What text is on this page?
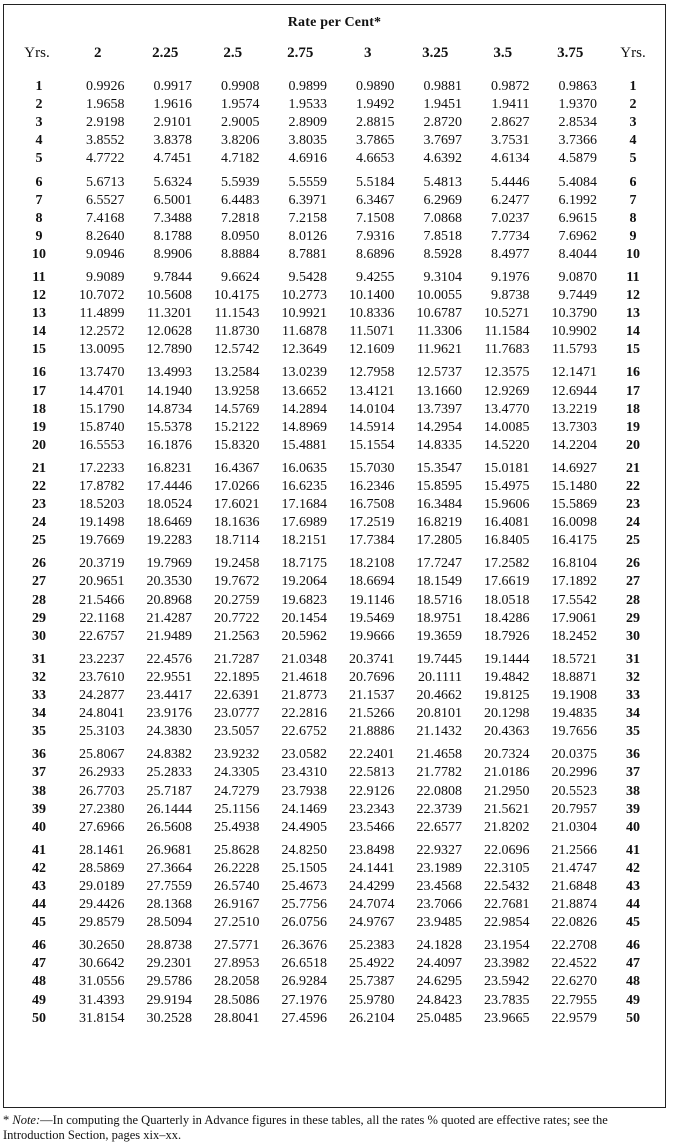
Rate per Cent*
Yrs.	2	2.25	2.5	2.75	3	3.25	3.5	3.75	Yrs.
1	0.9926	0.9917	0.9908	0.9899	0.9890	0.9881	0.9872	0.9863	1
2	1.9658	1.9616	1.9574	1.9533	1.9492	1.9451	1.9411	1.9370	2
3	2.9198	2.9101	2.9005	2.8909	2.8815	2.8720	2.8627	2.8534	3
4	3.8552	3.8378	3.8206	3.8035	3.7865	3.7697	3.7531	3.7366	4
5	4.7722	4.7451	4.7182	4.6916	4.6653	4.6392	4.6134	4.5879	5
6	5.6713	5.6324	5.5939	5.5559	5.5184	5.4813	5.4446	5.4084	6
7	6.5527	6.5001	6.4483	6.3971	6.3467	6.2969	6.2477	6.1992	7
8	7.4168	7.3488	7.2818	7.2158	7.1508	7.0868	7.0237	6.9615	8
9	8.2640	8.1788	8.0950	8.0126	7.9316	7.8518	7.7734	7.6962	9
10	9.0946	8.9906	8.8884	8.7881	8.6896	8.5928	8.4977	8.4044	10
11	9.9089	9.7844	9.6624	9.5428	9.4255	9.3104	9.1976	9.0870	11
12	10.7072	10.5608	10.4175	10.2773	10.1400	10.0055	9.8738	9.7449	12
13	11.4899	11.3201	11.1543	10.9921	10.8336	10.6787	10.5271	10.3790	13
14	12.2572	12.0628	11.8730	11.6878	11.5071	11.3306	11.1584	10.9902	14
15	13.0095	12.7890	12.5742	12.3649	12.1609	11.9621	11.7683	11.5793	15
16	13.7470	13.4993	13.2584	13.0239	12.7958	12.5737	12.3575	12.1471	16
17	14.4701	14.1940	13.9258	13.6652	13.4121	13.1660	12.9269	12.6944	17
18	15.1790	14.8734	14.5769	14.2894	14.0104	13.7397	13.4770	13.2219	18
19	15.8740	15.5378	15.2122	14.8969	14.5914	14.2954	14.0085	13.7303	19
20	16.5553	16.1876	15.8320	15.4881	15.1554	14.8335	14.5220	14.2204	20
21	17.2233	16.8231	16.4367	16.0635	15.7030	15.3547	15.0181	14.6927	21
22	17.8782	17.4446	17.0266	16.6235	16.2346	15.8595	15.4975	15.1480	22
23	18.5203	18.0524	17.6021	17.1684	16.7508	16.3484	15.9606	15.5869	23
24	19.1498	18.6469	18.1636	17.6989	17.2519	16.8219	16.4081	16.0098	24
25	19.7669	19.2283	18.7114	18.2151	17.7384	17.2805	16.8405	16.4175	25
26	20.3719	19.7969	19.2458	18.7175	18.2108	17.7247	17.2582	16.8104	26
27	20.9651	20.3530	19.7672	19.2064	18.6694	18.1549	17.6619	17.1892	27
28	21.5466	20.8968	20.2759	19.6823	19.1146	18.5716	18.0518	17.5542	28
29	22.1168	21.4287	20.7722	20.1454	19.5469	18.9751	18.4286	17.9061	29
30	22.6757	21.9489	21.2563	20.5962	19.9666	19.3659	18.7926	18.2452	30
31	23.2237	22.4576	21.7287	21.0348	20.3741	19.7445	19.1444	18.5721	31
32	23.7610	22.9551	22.1895	21.4618	20.7696	20.1111	19.4842	18.8871	32
33	24.2877	23.4417	22.6391	21.8773	21.1537	20.4662	19.8125	19.1908	33
34	24.8041	23.9176	23.0777	22.2816	21.5266	20.8101	20.1298	19.4835	34
35	25.3103	24.3830	23.5057	22.6752	21.8886	21.1432	20.4363	19.7656	35
36	25.8067	24.8382	23.9232	23.0582	22.2401	21.4658	20.7324	20.0375	36
37	26.2933	25.2833	24.3305	23.4310	22.5813	21.7782	21.0186	20.2996	37
38	26.7703	25.7187	24.7279	23.7938	22.9126	22.0808	21.2950	20.5523	38
39	27.2380	26.1444	25.1156	24.1469	23.2343	22.3739	21.5621	20.7957	39
40	27.6966	26.5608	25.4938	24.4905	23.5466	22.6577	21.8202	21.0304	40
41	28.1461	26.9681	25.8628	24.8250	23.8498	22.9327	22.0696	21.2566	41
42	28.5869	27.3664	26.2228	25.1505	24.1441	23.1989	22.3105	21.4747	42
43	29.0189	27.7559	26.5740	25.4673	24.4299	23.4568	22.5432	21.6848	43
44	29.4426	28.1368	26.9167	25.7756	24.7074	23.7066	22.7681	21.8874	44
45	29.8579	28.5094	27.2510	26.0756	24.9767	23.9485	22.9854	22.0826	45
46	30.2650	28.8738	27.5771	26.3676	25.2383	24.1828	23.1954	22.2708	46
47	30.6642	29.2301	27.8953	26.6518	25.4922	24.4097	23.3982	22.4522	47
48	31.0556	29.5786	28.2058	26.9284	25.7387	24.6295	23.5942	22.6270	48
49	31.4393	29.9194	28.5086	27.1976	25.9780	24.8423	23.7835	22.7955	49
50	31.8154	30.2528	28.8041	27.4596	26.2104	25.0485	23.9665	22.9579	50
* Note:—In computing the Quarterly in Advance figures in these tables, all the rates % quoted are effective rates; see the Introduction Section, pages xix–xx.
